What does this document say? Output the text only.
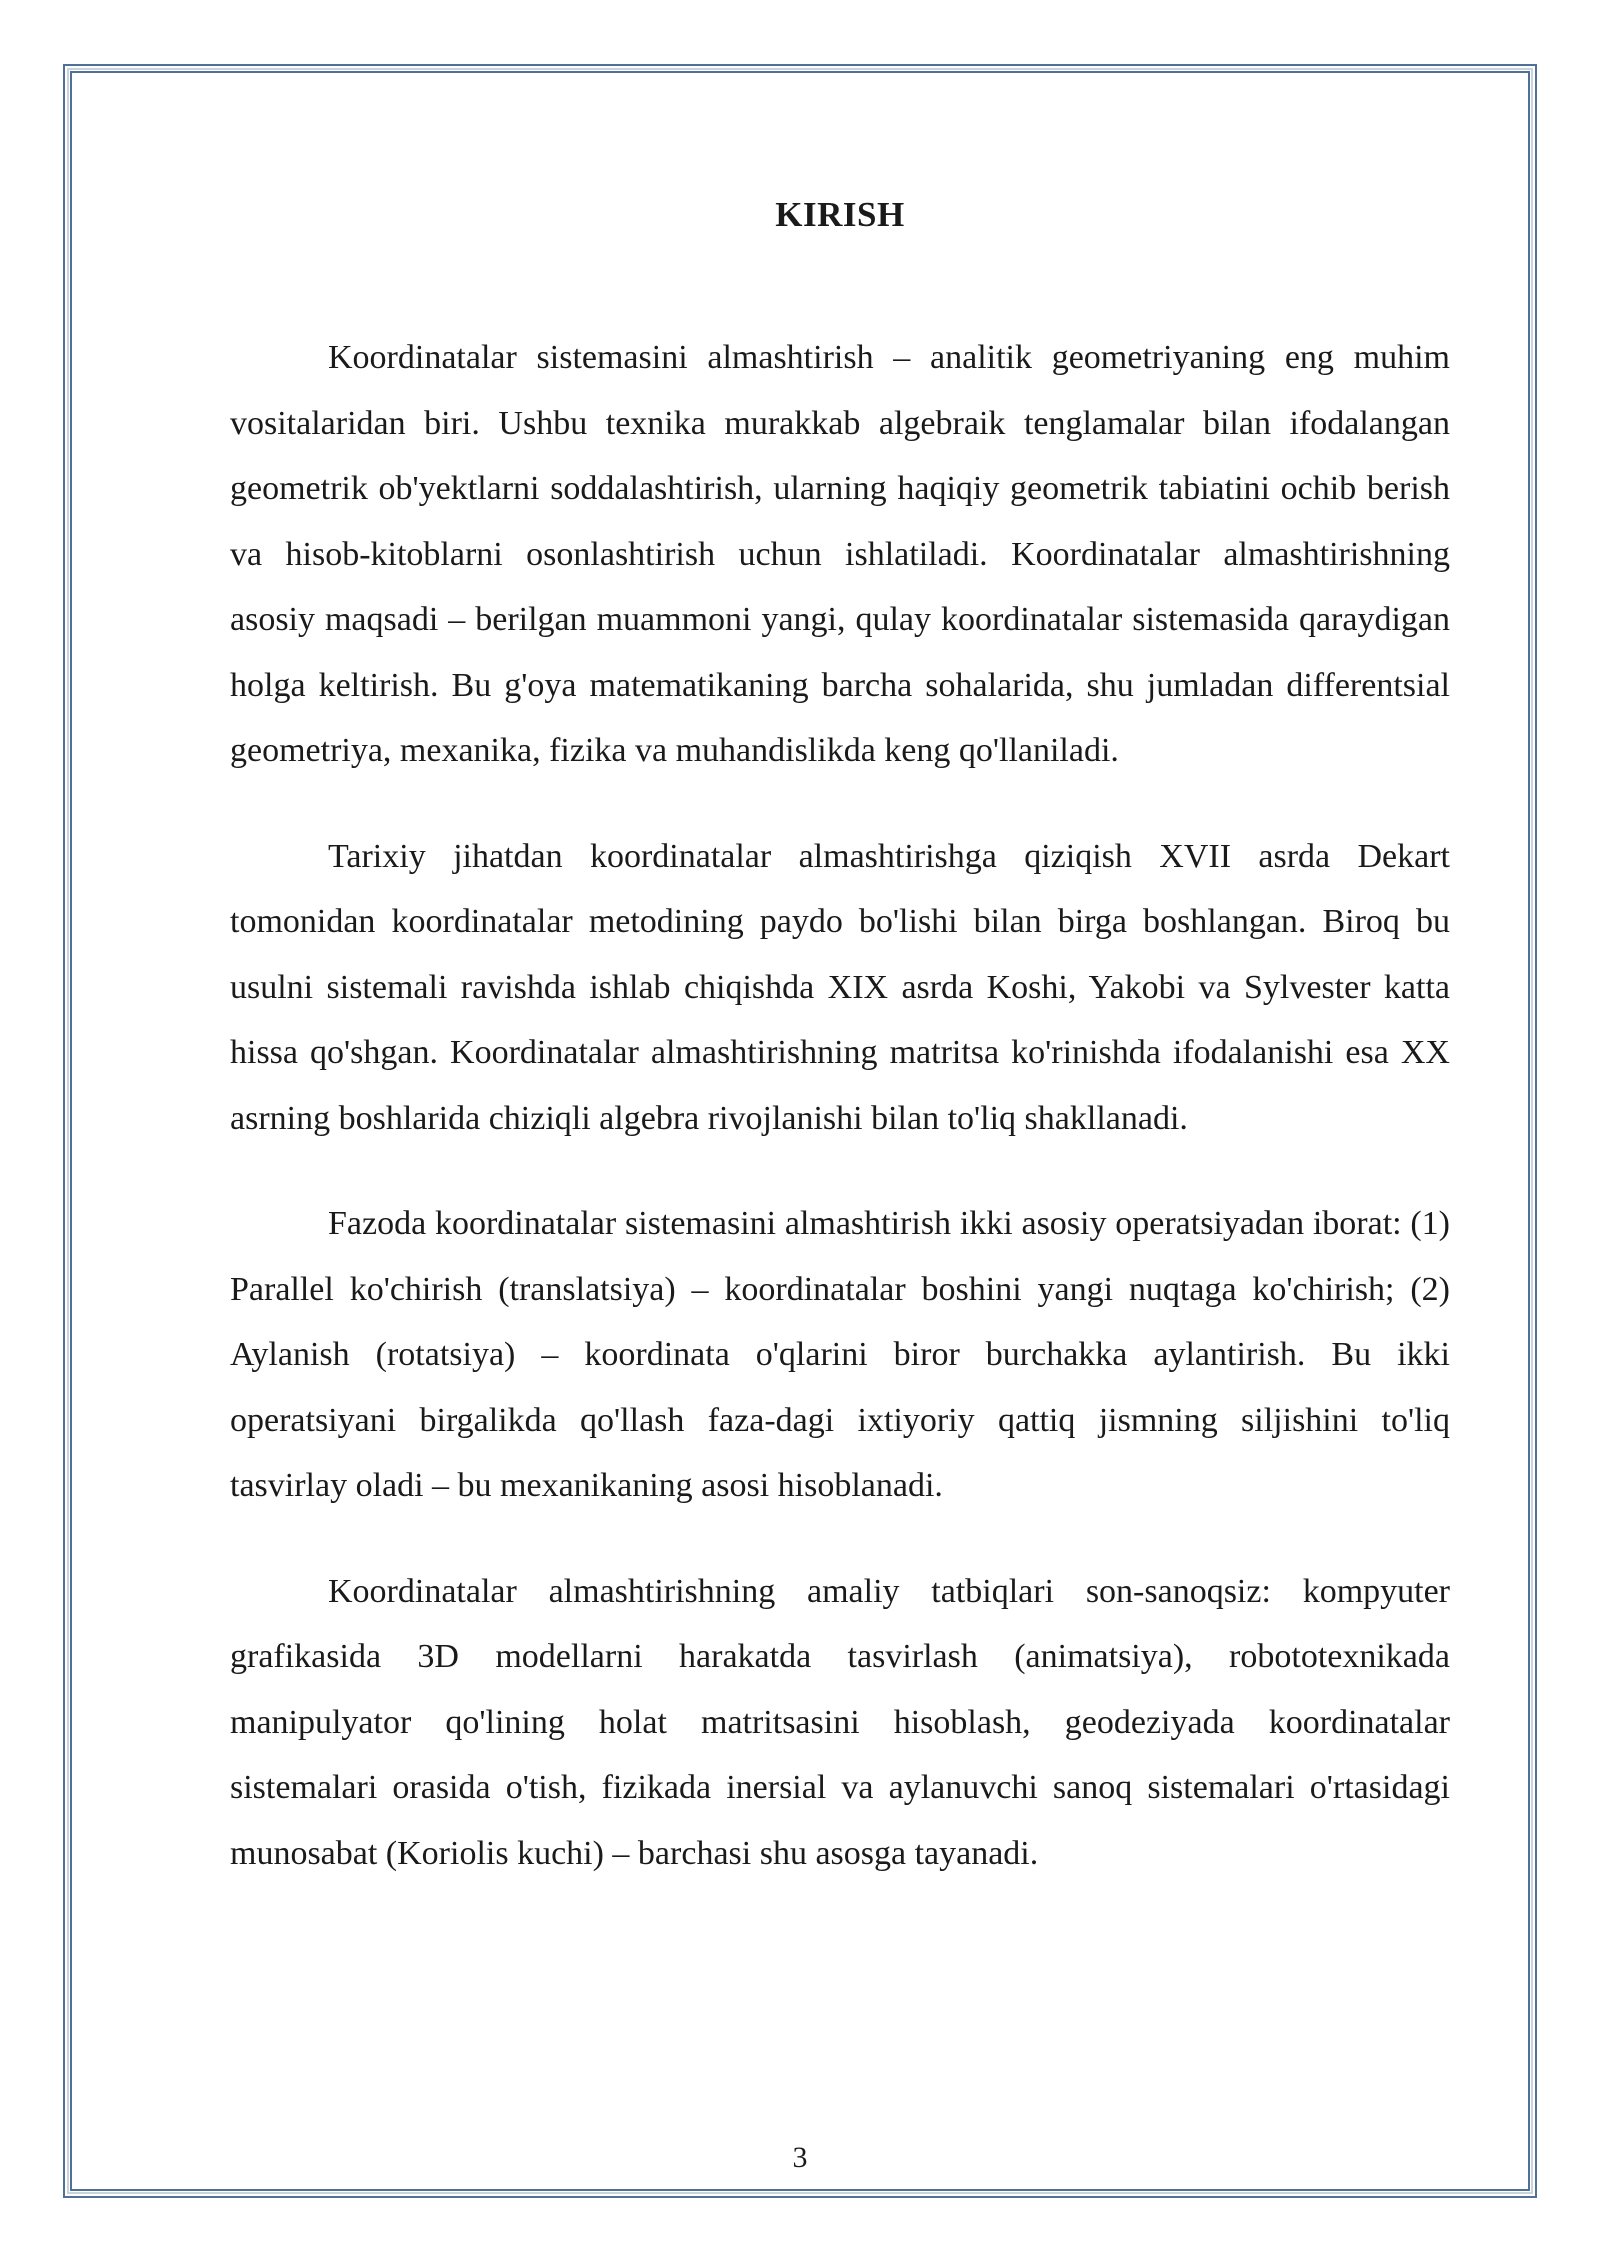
KIRISH

Koordinatalar sistemasini almashtirish – analitik geometriyaning eng muhim vositalaridan biri. Ushbu texnika murakkab algebraik tenglamalar bilan ifodalangan geometrik ob'yektlarni soddalashtirish, ularning haqiqiy geometrik tabiatini ochib berish va hisob-kitoblarni osonlashtirish uchun ishlatiladi. Koordinatalar almashtirishning asosiy maqsadi – berilgan muammoni yangi, qulay koordinatalar sistemasida qaraydigan holga keltirish. Bu g'oya matematikaning barcha sohalarida, shu jumladan differentsial geometriya, mexanika, fizika va muhandislikda keng qo'llaniladi.

Tarixiy jihatdan koordinatalar almashtirishga qiziqish XVII asrda Dekart tomonidan koordinatalar metodining paydo bo'lishi bilan birga boshlangan. Biroq bu usulni sistemali ravishda ishlab chiqishda XIX asrda Koshi, Yakobi va Sylvester katta hissa qo'shgan. Koordinatalar almashtirishning matritsa ko'rinishda ifodalanishi esa XX asrning boshlarida chiziqli algebra rivojlanishi bilan to'liq shakllanadi.

Fazoda koordinatalar sistemasini almashtirish ikki asosiy operatsiyadan iborat: (1) Parallel ko'chirish (translatsiya) – koordinatalar boshini yangi nuqtaga ko'chirish; (2) Aylanish (rotatsiya) – koordinata o'qlarini biror burchakka aylantirish. Bu ikki operatsiyani birgalikda qo'llash faza-dagi ixtiyoriy qattiq jismning siljishini to'liq tasvirlay oladi – bu mexanikaning asosi hisoblanadi.

Koordinatalar almashtirishning amaliy tatbiqlari son-sanoqsiz: kompyuter grafikasida 3D modellarni harakatda tasvirlash (animatsiya), robototexnikada manipulyator qo'lining holat matritsasini hisoblash, geodeziyada koordinatalar sistemalari orasida o'tish, fizikada inersial va aylanuvchi sanoq sistemalari o'rtasidagi munosabat (Koriolis kuchi) – barchasi shu asosga tayanadi.

3
